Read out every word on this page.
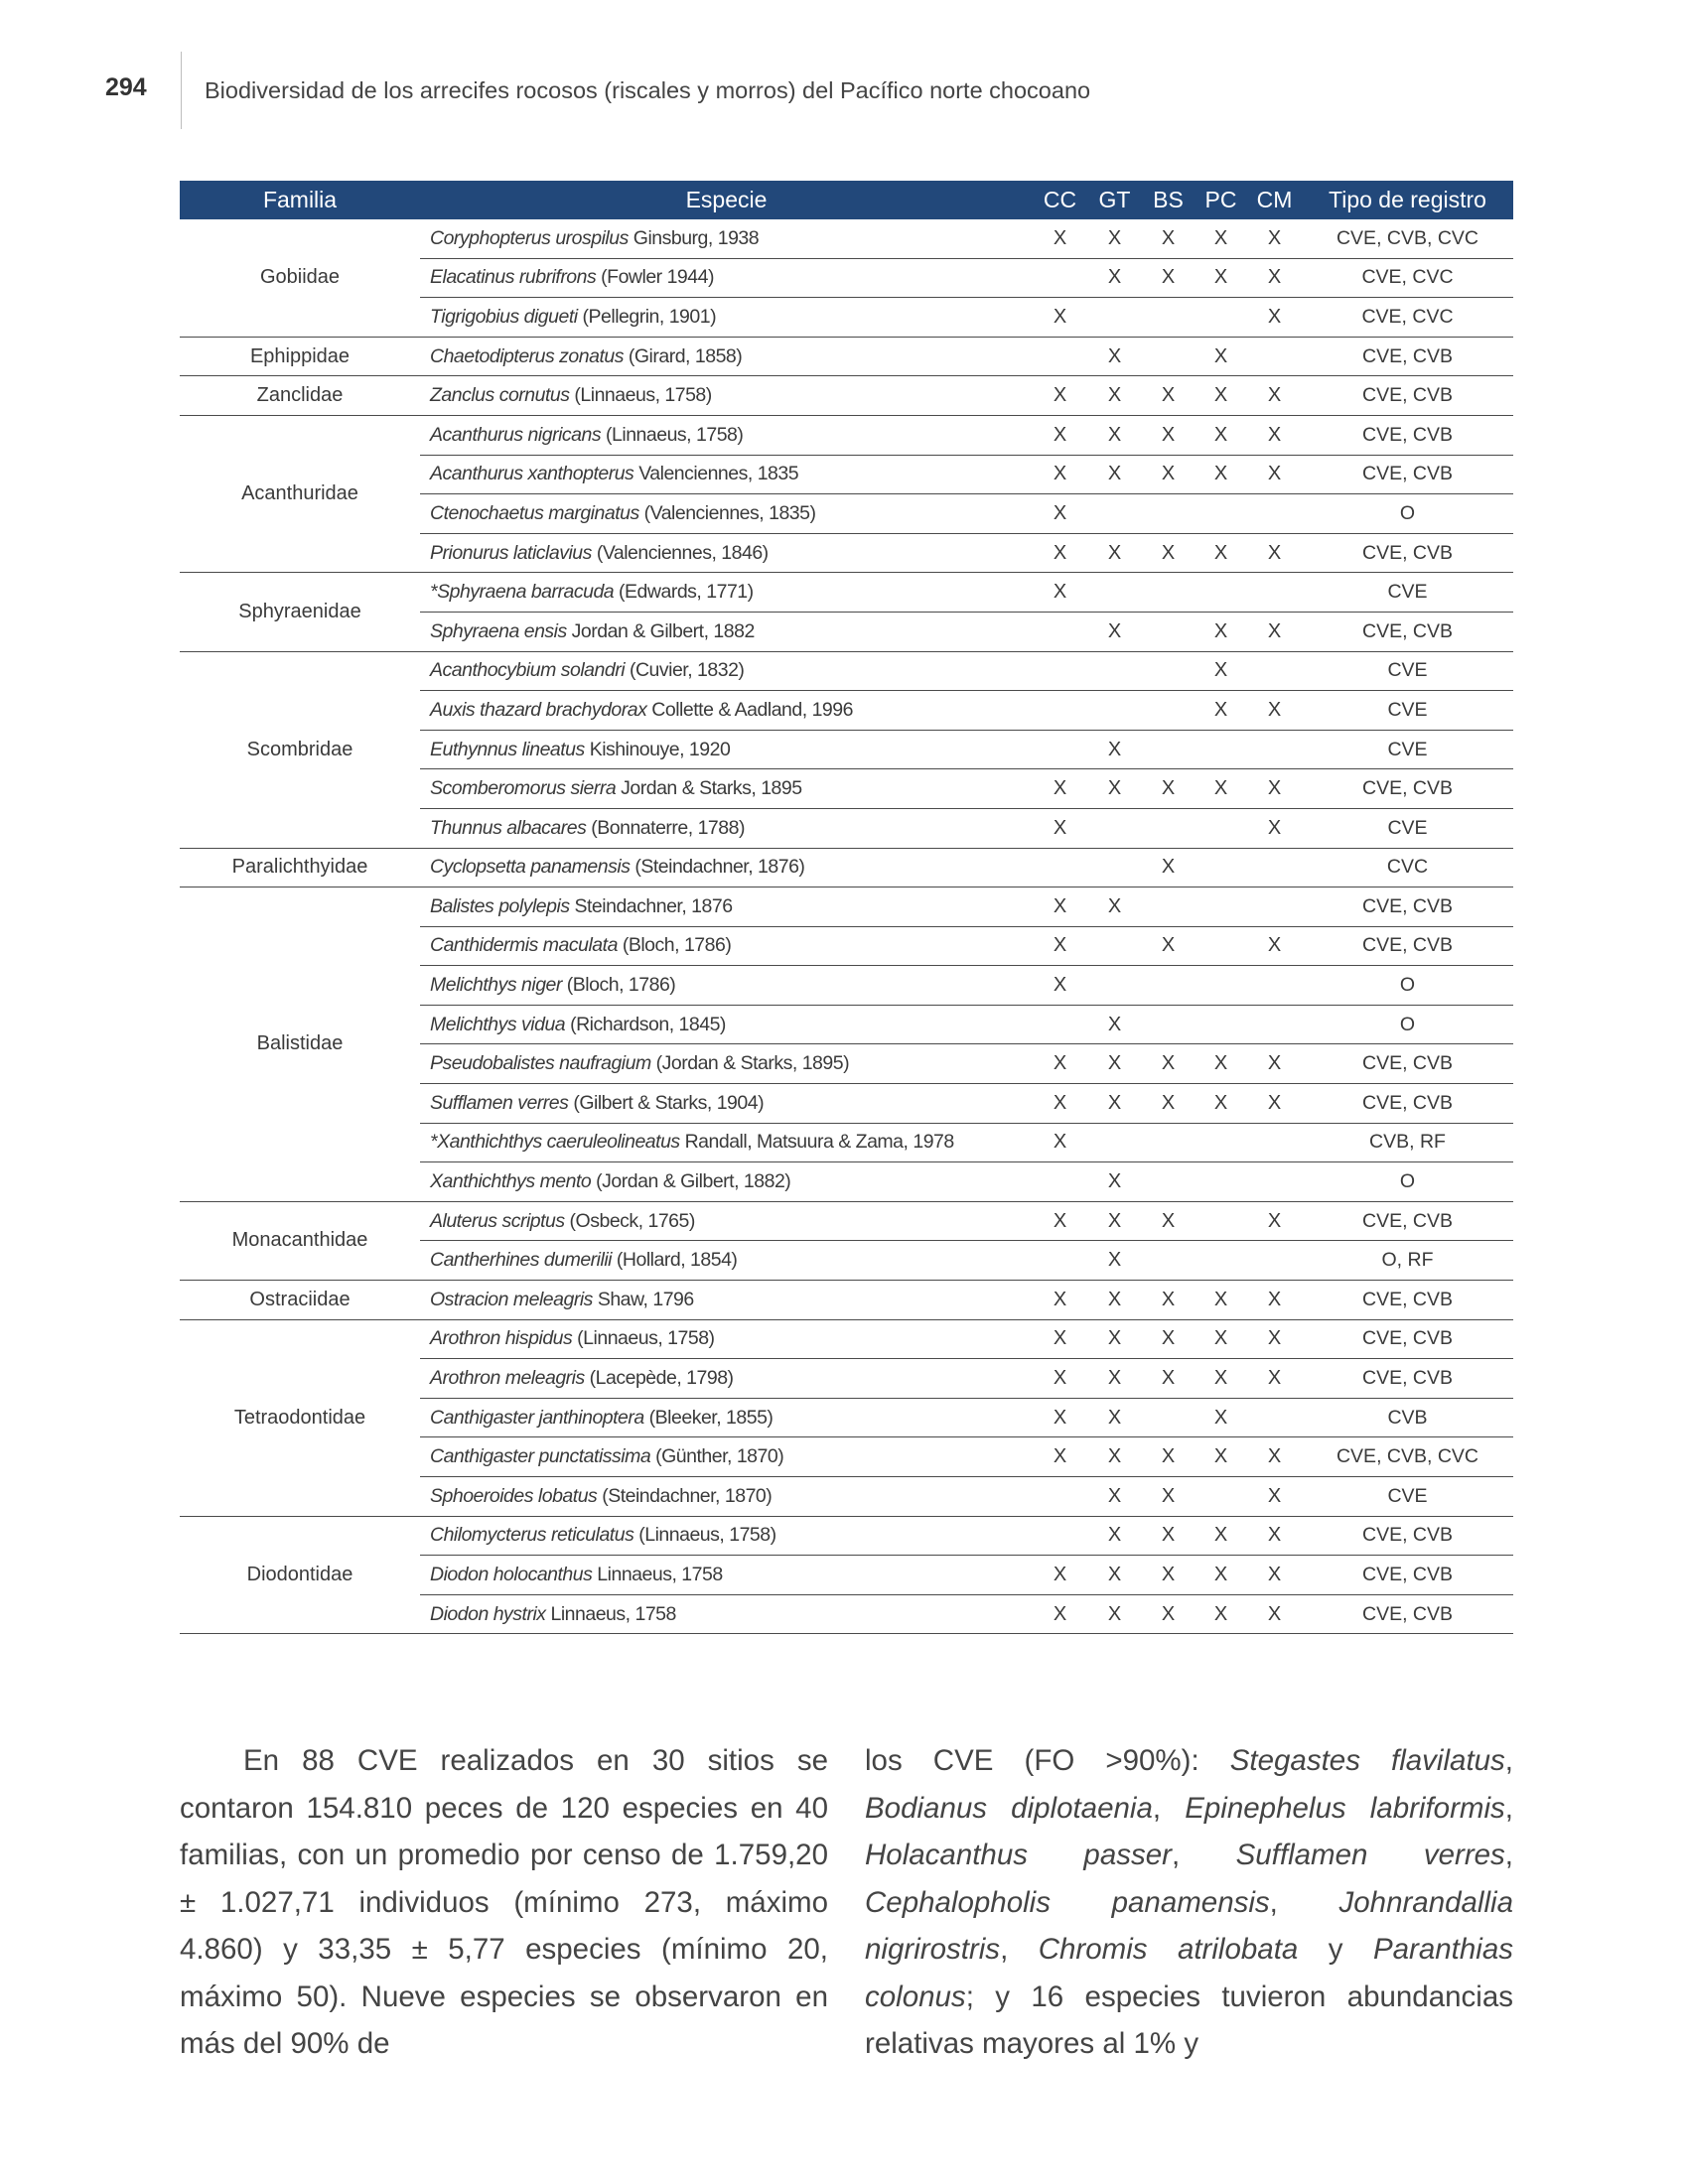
294 Biodiversidad de los arrecifes rocosos (riscales y morros) del Pacífico norte chocoano
Familia	Especie	CC	GT	BS	PC	CM	Tipo de registro
Gobiidae	Coryphopterus urospilus Ginsburg, 1938	X	X	X	X	X	CVE, CVB, CVC
	Elacatinus rubrifrons (Fowler 1944)		X	X	X	X	CVE, CVC
	Tigrigobius digueti (Pellegrin, 1901)	X				X	CVE, CVC
Ephippidae	Chaetodipterus zonatus (Girard, 1858)		X		X		CVE, CVB
Zanclidae	Zanclus cornutus (Linnaeus, 1758)	X	X	X	X	X	CVE, CVB
Acanthuridae	Acanthurus nigricans (Linnaeus, 1758)	X	X	X	X	X	CVE, CVB
	Acanthurus xanthopterus Valenciennes, 1835	X	X	X	X	X	CVE, CVB
	Ctenochaetus marginatus (Valenciennes, 1835)	X					O
	Prionurus laticlavius (Valenciennes, 1846)	X	X	X	X	X	CVE, CVB
Sphyraenidae	*Sphyraena barracuda (Edwards, 1771)	X					CVE
	Sphyraena ensis Jordan & Gilbert, 1882		X		X	X	CVE, CVB
Scombridae	Acanthocybium solandri (Cuvier, 1832)				X		CVE
	Auxis thazard brachydorax Collette & Aadland, 1996				X	X	CVE
	Euthynnus lineatus Kishinouye, 1920		X				CVE
	Scomberomorus sierra Jordan & Starks, 1895	X	X	X	X	X	CVE, CVB
	Thunnus albacares (Bonnaterre, 1788)	X				X	CVE
Paralichthyidae	Cyclopsetta panamensis (Steindachner, 1876)			X			CVC
Balistidae	Balistes polylepis Steindachner, 1876	X	X				CVE, CVB
	Canthidermis maculata (Bloch, 1786)	X		X		X	CVE, CVB
	Melichthys niger (Bloch, 1786)	X					O
	Melichthys vidua (Richardson, 1845)		X				O
	Pseudobalistes naufragium (Jordan & Starks, 1895)	X	X	X	X	X	CVE, CVB
	Sufflamen verres (Gilbert & Starks, 1904)	X	X	X	X	X	CVE, CVB
	*Xanthichthys caeruleolineatus Randall, Matsuura & Zama, 1978	X					CVB, RF
	Xanthichthys mento (Jordan & Gilbert, 1882)		X				O
Monacanthidae	Aluterus scriptus (Osbeck, 1765)	X	X	X		X	CVE, CVB
	Cantherhines dumerilii (Hollard, 1854)		X				O, RF
Ostraciidae	Ostracion meleagris Shaw, 1796	X	X	X	X	X	CVE, CVB
Tetraodontidae	Arothron hispidus (Linnaeus, 1758)	X	X	X	X	X	CVE, CVB
	Arothron meleagris (Lacepède, 1798)	X	X	X	X	X	CVE, CVB
	Canthigaster janthinoptera (Bleeker, 1855)	X	X		X		CVB
	Canthigaster punctatissima (Günther, 1870)	X	X	X	X	X	CVE, CVB, CVC
	Sphoeroides lobatus (Steindachner, 1870)		X	X		X	CVE
Diodontidae	Chilomycterus reticulatus (Linnaeus, 1758)		X	X	X	X	CVE, CVB
	Diodon holocanthus Linnaeus, 1758	X	X	X	X	X	CVE, CVB
	Diodon hystrix Linnaeus, 1758	X	X	X	X	X	CVE, CVB
En 88 CVE realizados en 30 sitios se contaron 154.810 peces de 120 especies en 40 familias, con un promedio por censo de 1.759,20 ± 1.027,71 individuos (mínimo 273, máximo 4.860) y 33,35 ± 5,77 especies (mínimo 20, máximo 50). Nueve especies se observaron en más del 90% de
los CVE (FO >90%): Stegastes flavilatus, Bodianus diplotaenia, Epinephelus labriformis, Holacanthus passer, Sufflamen verres, Cephalopholis panamensis, Johnrandallia nigrirostris, Chromis atrilobata y Paranthias colonus; y 16 especies tuvieron abundancias relativas mayores al 1% y
